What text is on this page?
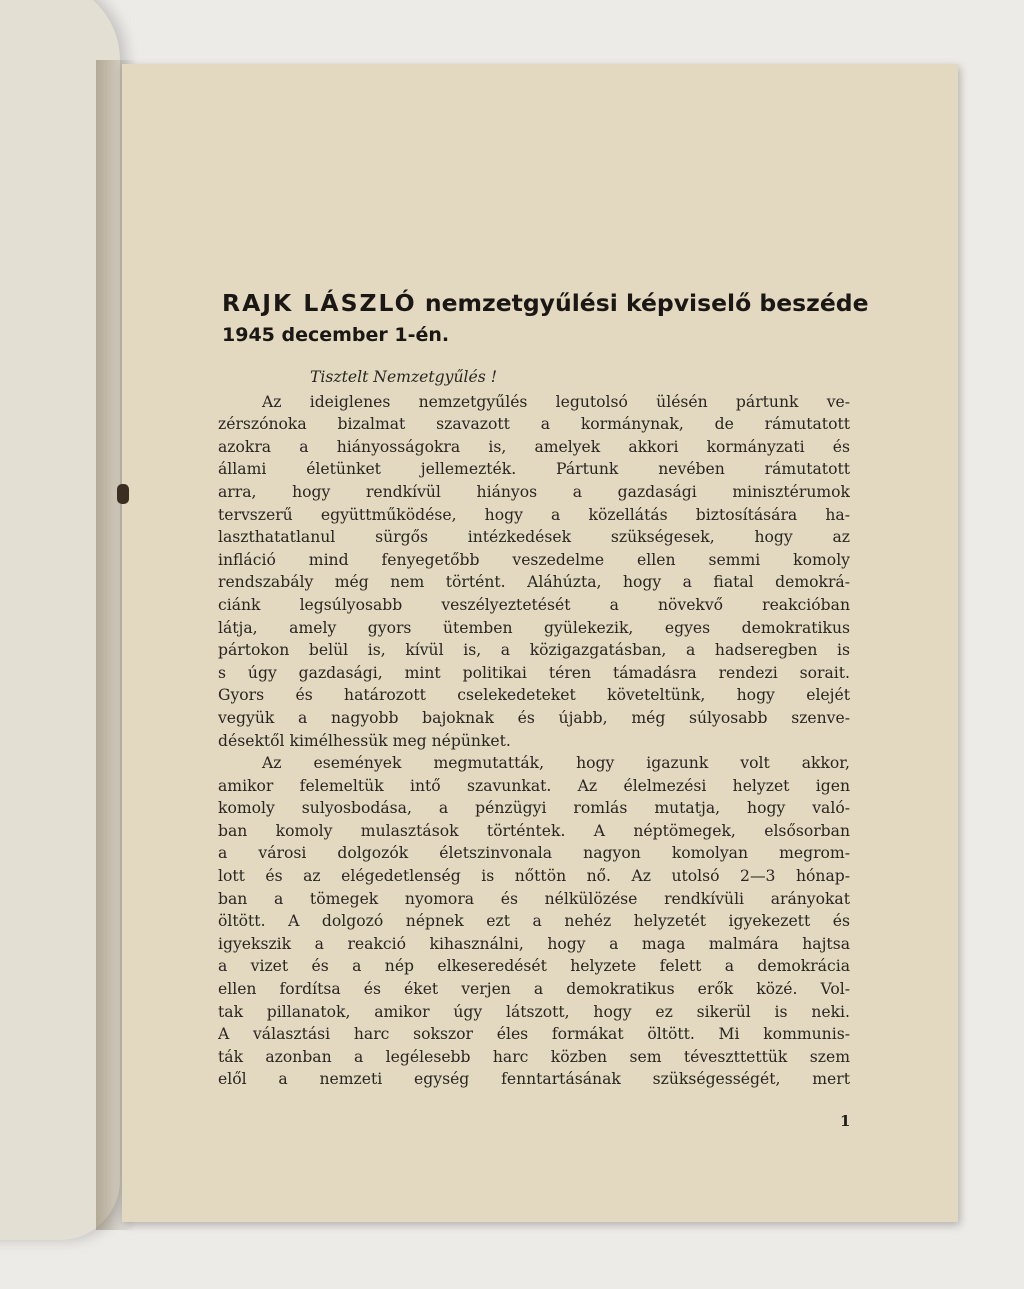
RAJK LÁSZLÓ nemzetgyűlési képviselő beszéde

1945 december 1-én.

Tisztelt Nemzetgyűlés !
Az ideiglenes nemzetgyűlés legutolsó ülésén pártunk ve-
zérszónoka bizalmat szavazott a kormánynak, de rámutatott
azokra a hiányosságokra is, amelyek akkori kormányzati és
állami életünket jellemezték. Pártunk nevében rámutatott
arra, hogy rendkívül hiányos a gazdasági minisztérumok
tervszerű együttműködése, hogy a közellátás biztosítására ha-
laszthatatlanul sürgős intézkedések szükségesek, hogy az
infláció mind fenyegetőbb veszedelme ellen semmi komoly
rendszabály még nem történt. Aláhúzta, hogy a fiatal demokrá-
ciánk legsúlyosabb veszélyeztetését a növekvő reakcióban
látja, amely gyors ütemben gyülekezik, egyes demokratikus
pártokon belül is, kívül is, a közigazgatásban, a hadseregben is
s úgy gazdasági, mint politikai téren támadásra rendezi sorait.
Gyors és határozott cselekedeteket követeltünk, hogy elejét
vegyük a nagyobb bajoknak és újabb, még súlyosabb szenve-
désektől kimélhessük meg népünket.
Az események megmutatták, hogy igazunk volt akkor,
amikor felemeltük intő szavunkat. Az élelmezési helyzet igen
komoly sulyosbodása, a pénzügyi romlás mutatja, hogy való-
ban komoly mulasztások történtek. A néptömegek, elsősorban
a városi dolgozók életszinvonala nagyon komolyan megrom-
lott és az elégedetlenség is nőttön nő. Az utolsó 2—3 hónap-
ban a tömegek nyomora és nélkülözése rendkívüli arányokat
öltött. A dolgozó népnek ezt a nehéz helyzetét igyekezett és
igyekszik a reakció kihasználni, hogy a maga malmára hajtsa
a vizet és a nép elkeseredését helyzete felett a demokrácia
ellen fordítsa és éket verjen a demokratikus erők közé. Vol-
tak pillanatok, amikor úgy látszott, hogy ez sikerül is neki.
A választási harc sokszor éles formákat öltött. Mi kommunis-
ták azonban a legélesebb harc közben sem téveszttettük szem
elől a nemzeti egység fenntartásának szükségességét, mert
1
